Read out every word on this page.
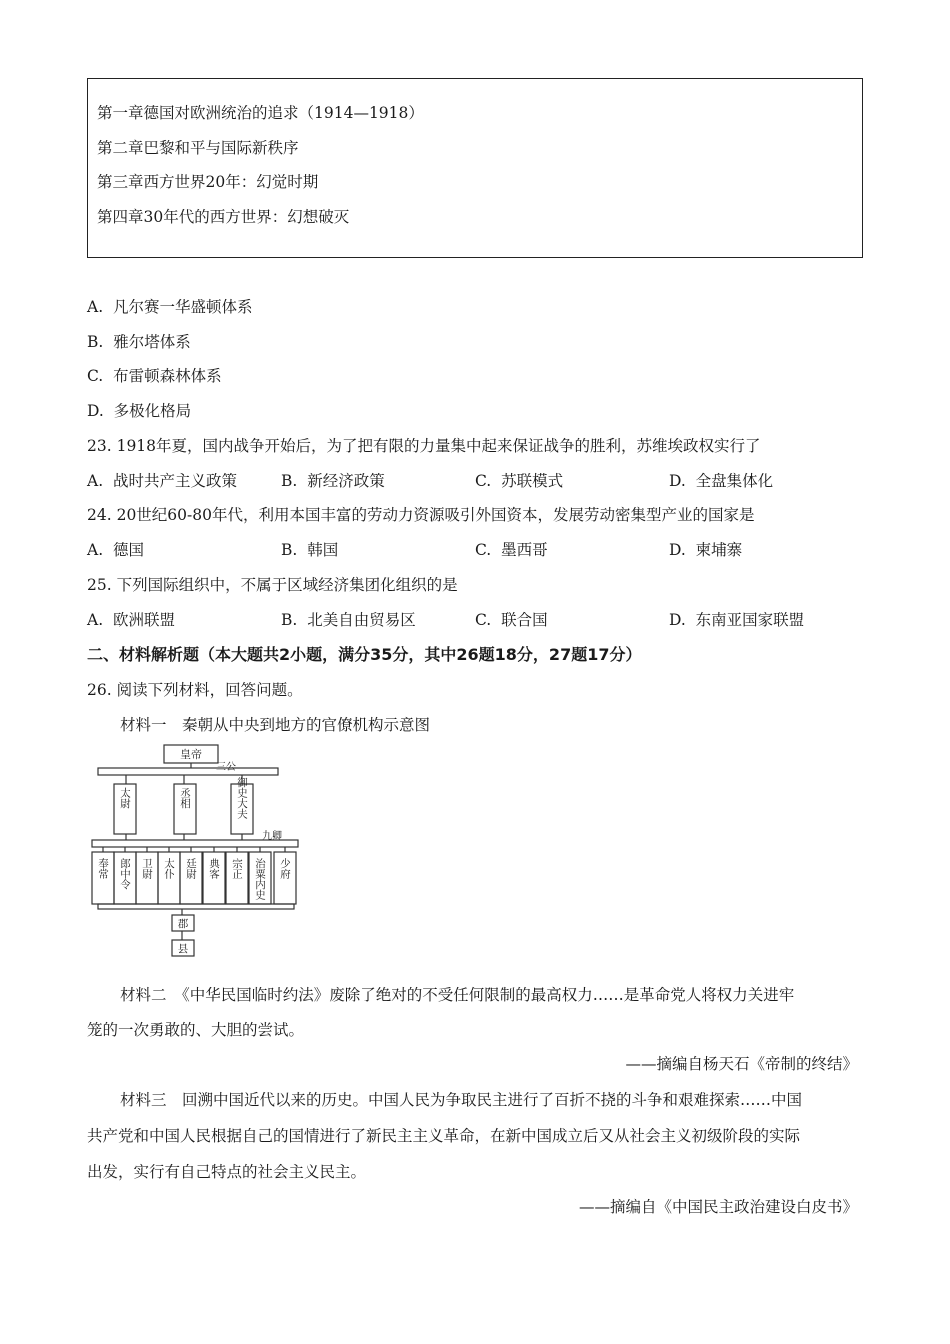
第一章德国对欧洲统治的追求（1914—1918）
第二章巴黎和平与国际新秩序
第三章西方世界20年：幻觉时期
第四章30年代的西方世界：幻想破灭
A. 凡尔赛一华盛顿体系
B. 雅尔塔体系
C. 布雷顿森林体系
D. 多极化格局
23. 1918年夏，国内战争开始后，为了把有限的力量集中起来保证战争的胜利，苏维埃政权实行了
A. 战时共产主义政策	B. 新经济政策	C. 苏联模式	D. 全盘集体化
24. 20世纪60-80年代，利用本国丰富的劳动力资源吸引外国资本，发展劳动密集型产业的国家是
A. 德国	B. 韩国	C. 墨西哥	D. 柬埔寨
25. 下列国际组织中，不属于区域经济集团化组织的是
A. 欧洲联盟	B. 北美自由贸易区	C. 联合国	D. 东南亚国家联盟
二、材料解析题（本大题共2小题，满分35分，其中26题18分，27题17分）
26. 阅读下列材料，回答问题。
材料一　秦朝从中央到地方的官僚机构示意图
皇帝
三公
九卿
太尉	丞相	御史大夫
奉常 郎中令 卫尉 太仆 廷尉 典客 宗正 治粟内史 少府
郡
县
材料二　《中华民国临时约法》废除了绝对的不受任何限制的最高权力……是革命党人将权力关进牢
笼的一次勇敢的、大胆的尝试。
——摘编自杨天石《帝制的终结》
材料三　回溯中国近代以来的历史。中国人民为争取民主进行了百折不挠的斗争和艰难探索……中国
共产党和中国人民根据自己的国情进行了新民主主义革命，在新中国成立后又从社会主义初级阶段的实际
出发，实行有自己特点的社会主义民主。
——摘编自《中国民主政治建设白皮书》
